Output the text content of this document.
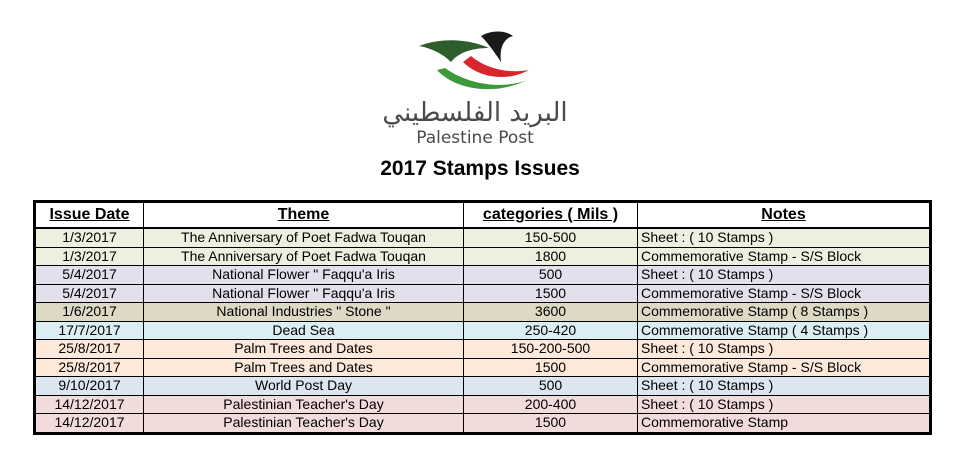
البريد الفلسطيني
Palestine Post
2017 Stamps Issues
Issue Date	Theme	categories ( Mils )	Notes
1/3/2017	The Anniversary of Poet Fadwa Touqan	150-500	Sheet : ( 10 Stamps )
1/3/2017	The Anniversary of Poet Fadwa Touqan	1800	Commemorative Stamp - S/S Block
5/4/2017	National Flower " Faqqu'a Iris	500	Sheet : ( 10 Stamps )
5/4/2017	National Flower " Faqqu'a Iris	1500	Commemorative Stamp - S/S Block
1/6/2017	National Industries " Stone "	3600	Commemorative Stamp ( 8 Stamps )
17/7/2017	Dead Sea	250-420	Commemorative Stamp ( 4 Stamps )
25/8/2017	Palm Trees and Dates	150-200-500	Sheet : ( 10 Stamps )
25/8/2017	Palm Trees and Dates	1500	Commemorative Stamp - S/S Block
9/10/2017	World Post Day	500	Sheet : ( 10 Stamps )
14/12/2017	Palestinian Teacher's Day	200-400	Sheet : ( 10 Stamps )
14/12/2017	Palestinian Teacher's Day	1500	Commemorative Stamp
